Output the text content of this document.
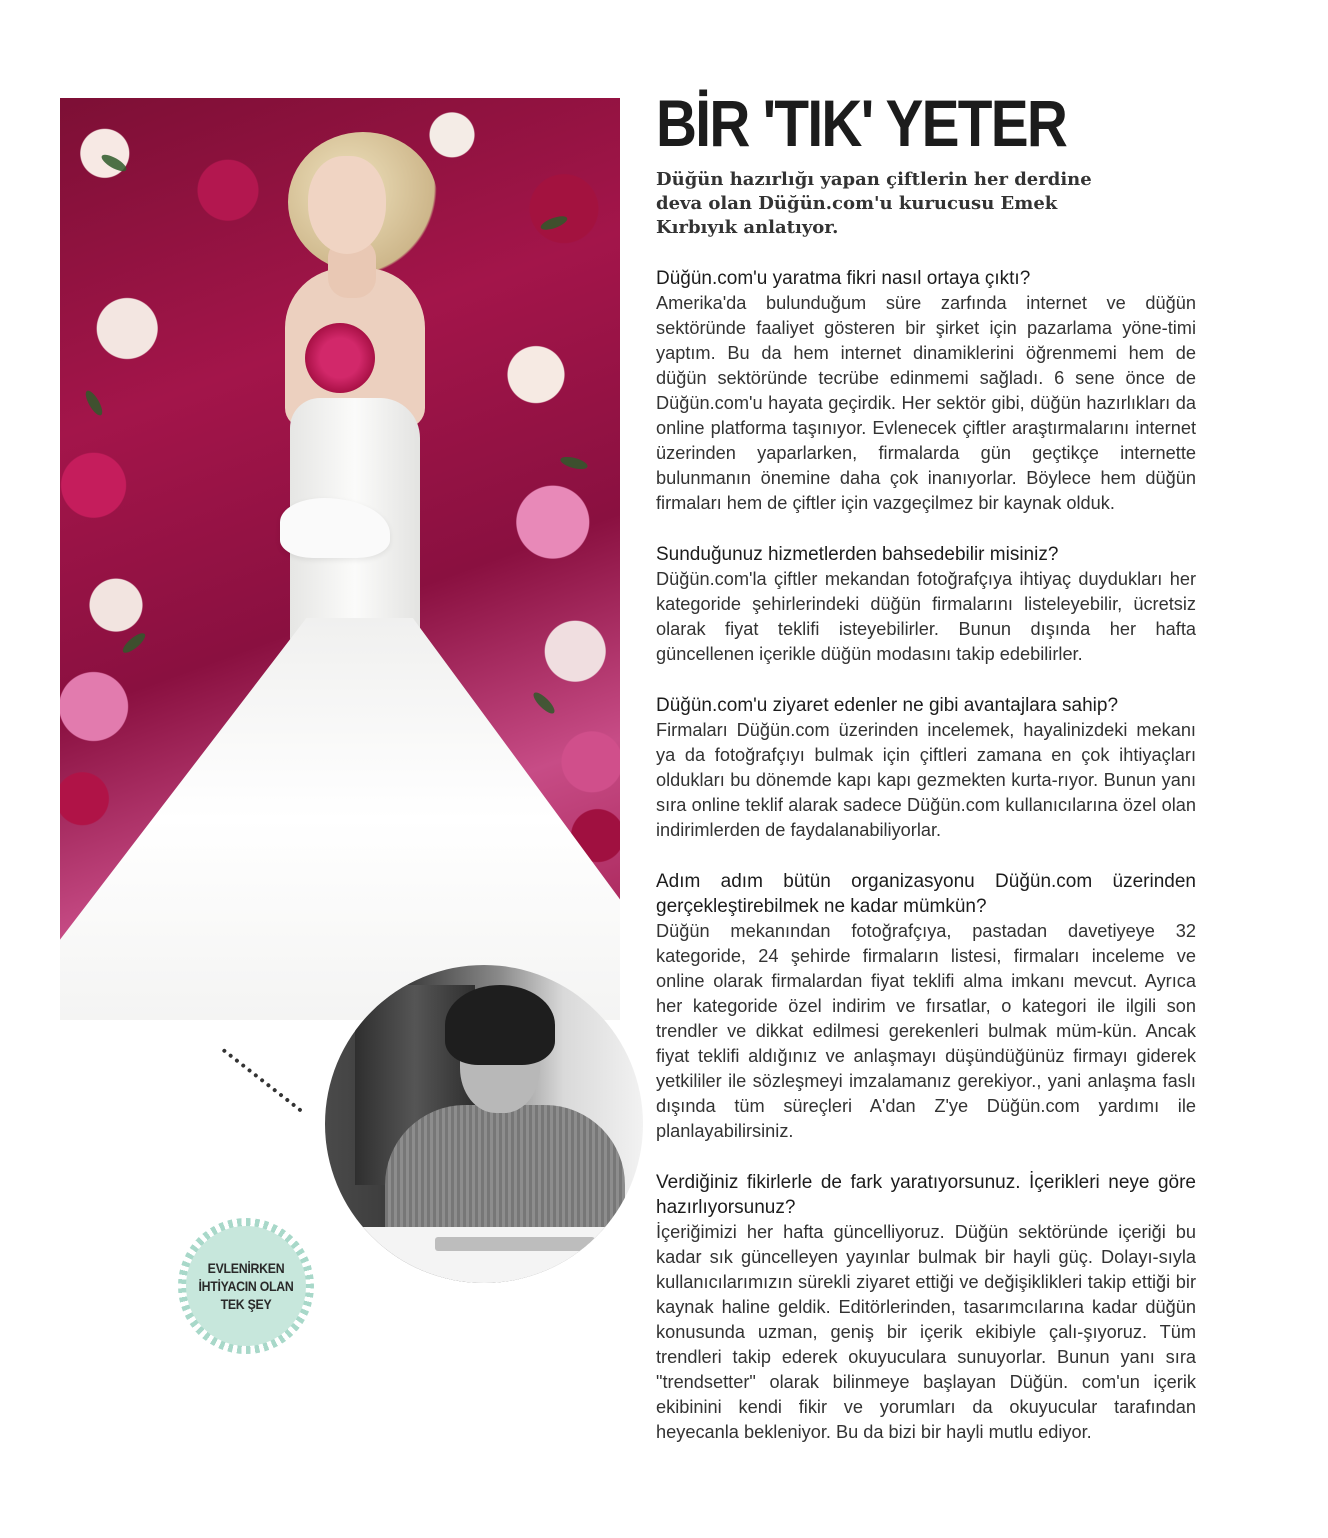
EVLENİRKEN
İHTİYACIN OLAN
TEK ŞEY
BİR 'TIK' YETER

Düğün hazırlığı yapan çiftlerin her derdine deva olan Düğün.com'u kurucusu Emek Kırbıyık anlatıyor.

Düğün.com'u yaratma fikri nasıl ortaya çıktı?

Amerika'da bulunduğum süre zarfında internet ve düğün sektöründe faaliyet gösteren bir şirket için pazarlama yöne-timi yaptım. Bu da hem internet dinamiklerini öğrenmemi hem de düğün sektöründe tecrübe edinmemi sağladı. 6 sene önce de Düğün.com'u hayata geçirdik. Her sektör gibi, düğün hazırlıkları da online platforma taşınıyor. Evlenecek çiftler araştırmalarını internet üzerinden yaparlarken, firmalarda gün geçtikçe internette bulunmanın önemine daha çok inanıyorlar. Böylece hem düğün firmaları hem de çiftler için vazgeçilmez bir kaynak olduk.

Sunduğunuz hizmetlerden bahsedebilir misiniz?

Düğün.com'la çiftler mekandan fotoğrafçıya ihtiyaç duydukları her kategoride şehirlerindeki düğün firmalarını listeleyebilir, ücretsiz olarak fiyat teklifi isteyebilirler. Bunun dışında her hafta güncellenen içerikle düğün modasını takip edebilirler.

Düğün.com'u ziyaret edenler ne gibi avantajlara sahip?

Firmaları Düğün.com üzerinden incelemek, hayalinizdeki mekanı ya da fotoğrafçıyı bulmak için çiftleri zamana en çok ihtiyaçları oldukları bu dönemde kapı kapı gezmekten kurta-rıyor. Bunun yanı sıra online teklif alarak sadece Düğün.com kullanıcılarına özel olan indirimlerden de faydalanabiliyorlar.

Adım adım bütün organizasyonu Düğün.com üzerinden gerçekleştirebilmek ne kadar mümkün?

Düğün mekanından fotoğrafçıya, pastadan davetiyeye 32 kategoride, 24 şehirde firmaların listesi, firmaları inceleme ve online olarak firmalardan fiyat teklifi alma imkanı mevcut. Ayrıca her kategoride özel indirim ve fırsatlar, o kategori ile ilgili son trendler ve dikkat edilmesi gerekenleri bulmak müm-kün. Ancak fiyat teklifi aldığınız ve anlaşmayı düşündüğünüz firmayı giderek yetkililer ile sözleşmeyi imzalamanız gerekiyor., yani anlaşma faslı dışında tüm süreçleri A'dan Z'ye Düğün.com yardımı ile planlayabilirsiniz.

Verdiğiniz fikirlerle de fark yaratıyorsunuz. İçerikleri neye göre hazırlıyorsunuz?

İçeriğimizi her hafta güncelliyoruz. Düğün sektöründe içeriği bu kadar sık güncelleyen yayınlar bulmak bir hayli güç. Dolayı-sıyla kullanıcılarımızın sürekli ziyaret ettiği ve değişiklikleri takip ettiği bir kaynak haline geldik. Editörlerinden, tasarımcılarına kadar düğün konusunda uzman, geniş bir içerik ekibiyle çalı-şıyoruz. Tüm trendleri takip ederek okuyuculara sunuyorlar. Bunun yanı sıra "trendsetter" olarak bilinmeye başlayan Düğün. com'un içerik ekibinini kendi fikir ve yorumları da okuyucular tarafından heyecanla bekleniyor. Bu da bizi bir hayli mutlu ediyor.
